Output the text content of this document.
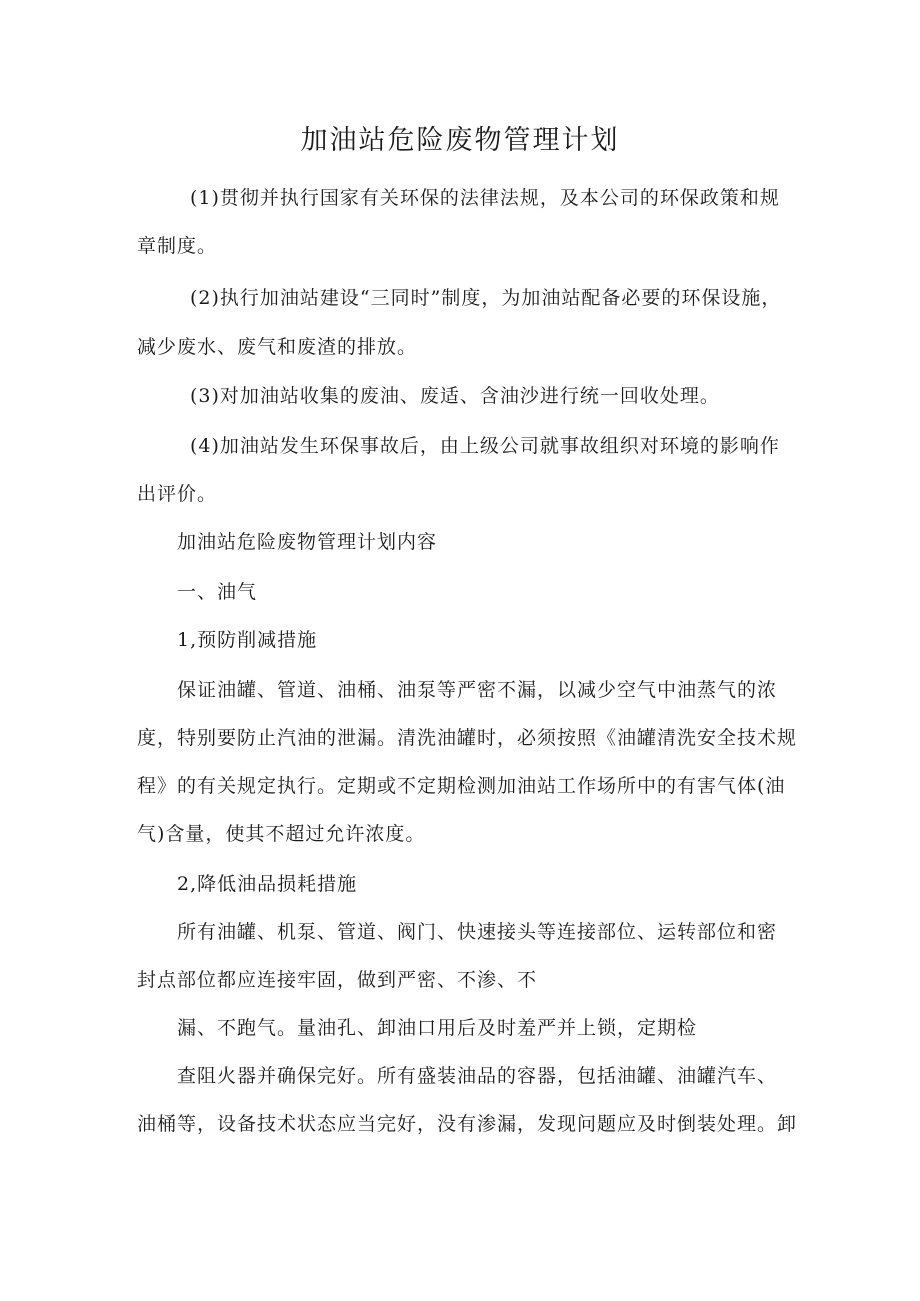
加油站危险废物管理计划
(1)贯彻并执行国家有关环保的法律法规，及本公司的环保政策和规
章制度。
(2)执行加油站建设“三同时”制度，为加油站配备必要的环保设施，
减少废水、废气和废渣的排放。
(3)对加油站收集的废油、废适、含油沙进行统一回收处理。
(4)加油站发生环保事故后，由上级公司就事故组织对环境的影响作
出评价。
加油站危险废物管理计划内容
一、油气
1,预防削减措施
保证油罐、管道、油桶、油泵等严密不漏，以减少空气中油蒸气的浓
度，特别要防止汽油的泄漏。清洗油罐时，必须按照《油罐清洗安全技术规
程》的有关规定执行。定期或不定期检测加油站工作场所中的有害气体(油
气)含量，使其不超过允许浓度。
2,降低油品损耗措施
所有油罐、机泵、管道、阀门、快速接头等连接部位、运转部位和密
封点部位都应连接牢固，做到严密、不渗、不
漏、不跑气。量油孔、卸油口用后及时羞严并上锁，定期检
查阻火器并确保完好。所有盛装油品的容器，包括油罐、油罐汽车、
油桶等，设备技术状态应当完好，没有渗漏，发现问题应及时倒装处理。卸
